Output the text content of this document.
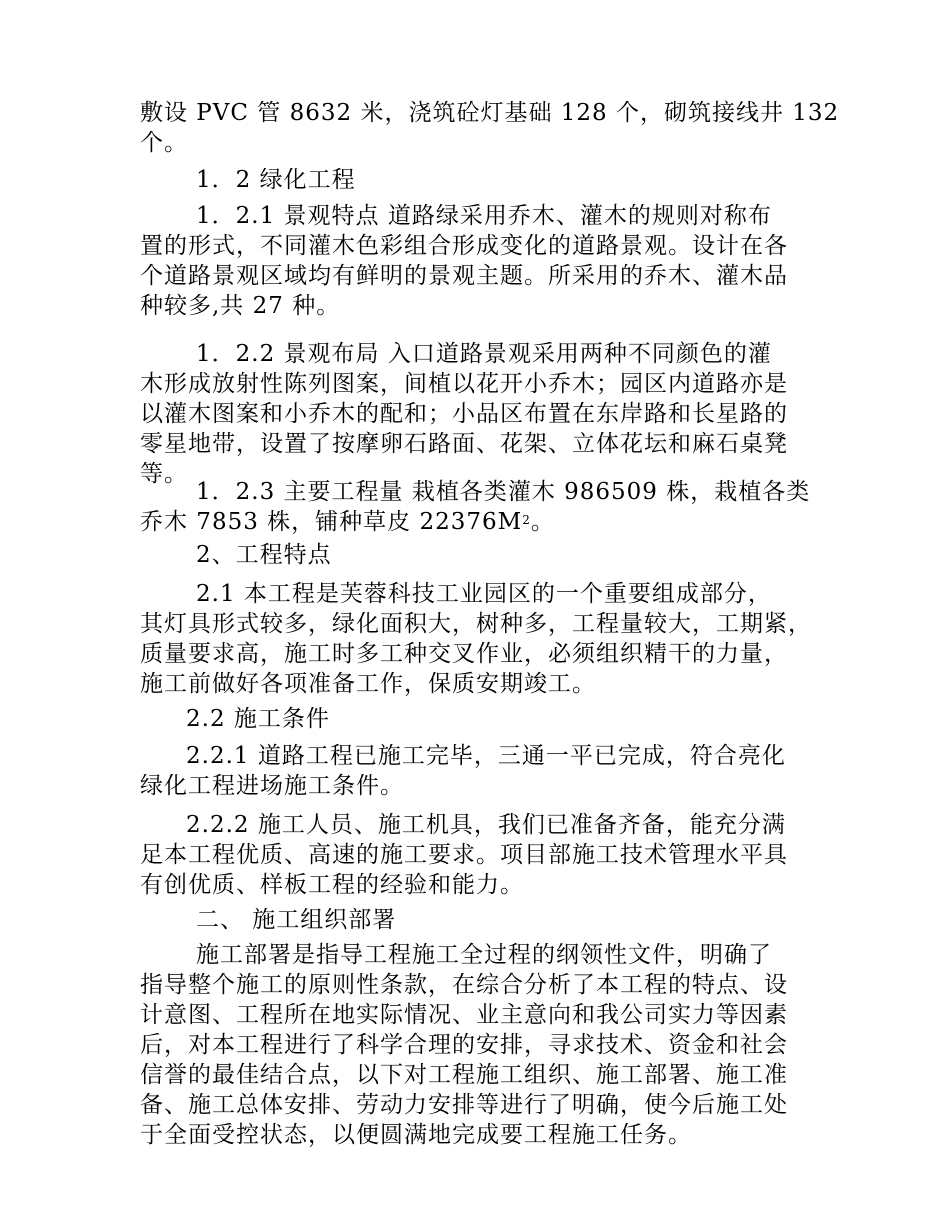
敷设 PVC 管 8632 米，浇筑砼灯基础 128 个，砌筑接线井 132
个。
1．2 绿化工程
1．2.1 景观特点 道路绿采用乔木、灌木的规则对称布
置的形式，不同灌木色彩组合形成变化的道路景观。设计在各
个道路景观区域均有鲜明的景观主题。所采用的乔木、灌木品
种较多,共 27 种。
1．2.2 景观布局 入口道路景观采用两种不同颜色的灌
木形成放射性陈列图案，间植以花开小乔木；园区内道路亦是
以灌木图案和小乔木的配和；小品区布置在东岸路和长星路的
零星地带，设置了按摩卵石路面、花架、立体花坛和麻石桌凳
等。
1．2.3 主要工程量 栽植各类灌木 986509 株，栽植各类
乔木 7853 株，铺种草皮 $22376M^2$。
2、工程特点
2.1 本工程是芙蓉科技工业园区的一个重要组成部分，
其灯具形式较多，绿化面积大，树种多，工程量较大，工期紧，
质量要求高，施工时多工种交叉作业，必须组织精干的力量，
施工前做好各项准备工作，保质安期竣工。
2.2 施工条件
2.2.1 道路工程已施工完毕，三通一平已完成，符合亮化
绿化工程进场施工条件。
2.2.2 施工人员、施工机具，我们已准备齐备，能充分满
足本工程优质、高速的施工要求。项目部施工技术管理水平具
有创优质、样板工程的经验和能力。
二、 施工组织部署
施工部署是指导工程施工全过程的纲领性文件，明确了
指导整个施工的原则性条款，在综合分析了本工程的特点、设
计意图、工程所在地实际情况、业主意向和我公司实力等因素
后，对本工程进行了科学合理的安排，寻求技术、资金和社会
信誉的最佳结合点，以下对工程施工组织、施工部署、施工准
备、施工总体安排、劳动力安排等进行了明确，使今后施工处
于全面受控状态，以便圆满地完成要工程施工任务。
